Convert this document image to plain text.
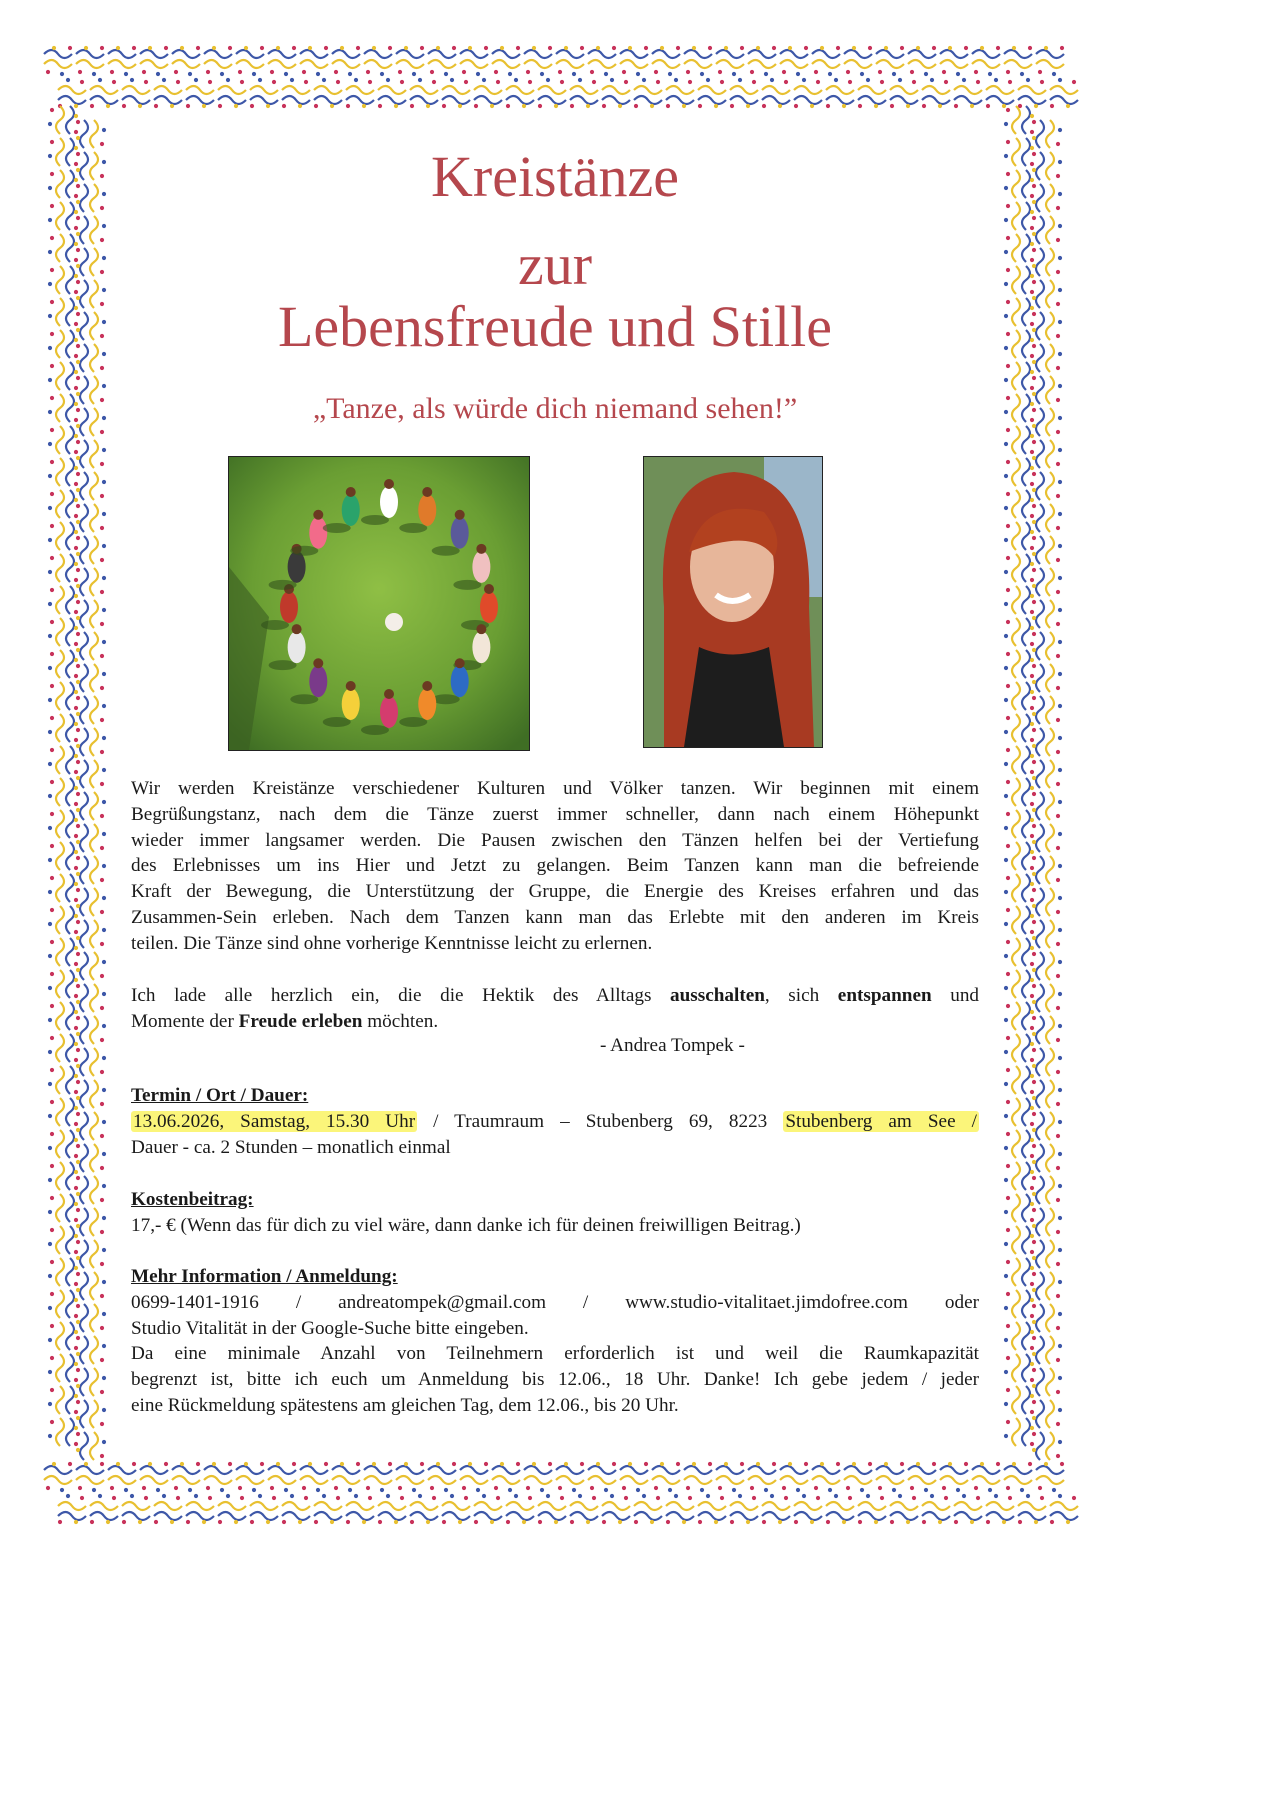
Kreistänze
zur
Lebensfreude und Stille
„Tanze, als würde dich niemand sehen!”
Wir werden Kreistänze verschiedener Kulturen und Völker tanzen. Wir beginnen mit einem
Begrüßungstanz, nach dem die Tänze zuerst immer schneller, dann nach einem Höhepunkt
wieder immer langsamer werden. Die Pausen zwischen den Tänzen helfen bei der Vertiefung
des Erlebnisses um ins Hier und Jetzt zu gelangen. Beim Tanzen kann man die befreiende
Kraft der Bewegung, die Unterstützung der Gruppe, die Energie des Kreises erfahren und das
Zusammen-Sein erleben. Nach dem Tanzen kann man das Erlebte mit den anderen im Kreis
teilen. Die Tänze sind ohne vorherige Kenntnisse leicht zu erlernen.
Ich lade alle herzlich ein, die die Hektik des Alltags ausschalten, sich entspannen und
Momente der Freude erleben möchten.
- Andrea Tompek -
Termin / Ort / Dauer:
13.06.2026, Samstag, 15.30 Uhr / Traumraum – Stubenberg 69, 8223 Stubenberg am See /
Dauer - ca. 2 Stunden – monatlich einmal
Kostenbeitrag:
17,- € (Wenn das für dich zu viel wäre, dann danke ich für deinen freiwilligen Beitrag.)
Mehr Information / Anmeldung:
0699-1401-1916 / andreatompek@gmail.com / www.studio-vitalitaet.jimdofree.com oder
Studio Vitalität in der Google-Suche bitte eingeben.
Da eine minimale Anzahl von Teilnehmern erforderlich ist und weil die Raumkapazität
begrenzt ist, bitte ich euch um Anmeldung bis 12.06., 18 Uhr. Danke! Ich gebe jedem / jeder
eine Rückmeldung spätestens am gleichen Tag, dem 12.06., bis 20 Uhr.
